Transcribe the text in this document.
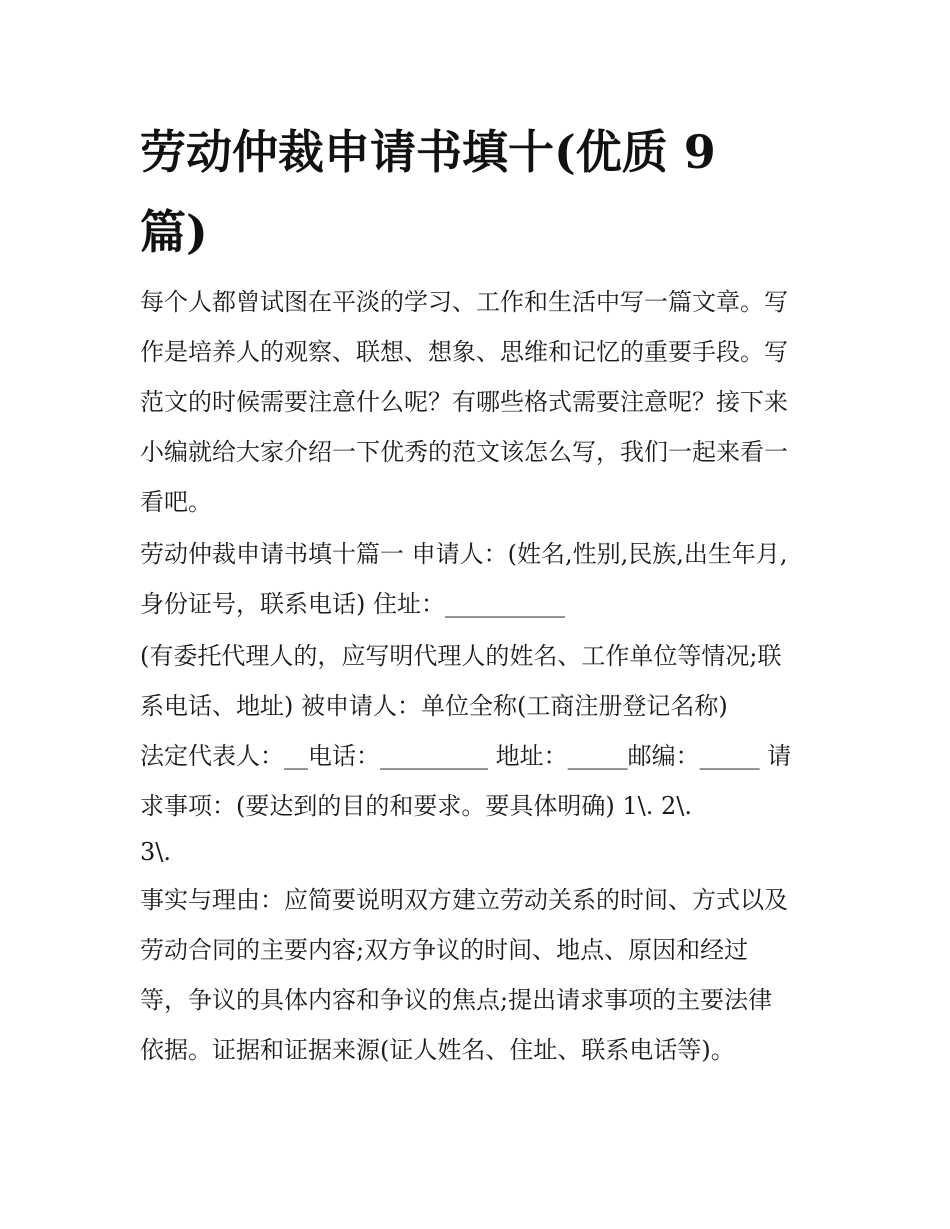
劳动仲裁申请书填十(优质 9
篇)

每个人都曾试图在平淡的学习、工作和生活中写一篇文章。写

作是培养人的观察、联想、想象、思维和记忆的重要手段。写

范文的时候需要注意什么呢？有哪些格式需要注意呢？接下来

小编就给大家介绍一下优秀的范文该怎么写，我们一起来看一

看吧。

劳动仲裁申请书填十篇一 申请人：(姓名,性别,民族,出生年月,

身份证号，联系电话) 住址：__________

(有委托代理人的，应写明代理人的姓名、工作单位等情况;联

系电话、地址) 被申请人：单位全称(工商注册登记名称)

法定代表人：__电话：_________ 地址：_____邮编：_____ 请

求事项：(要达到的目的和要求。要具体明确) 1\. 2\.

3\.

事实与理由：应简要说明双方建立劳动关系的时间、方式以及

劳动合同的主要内容;双方争议的时间、地点、原因和经过

等，争议的具体内容和争议的焦点;提出请求事项的主要法律

依据。证据和证据来源(证人姓名、住址、联系电话等)。
